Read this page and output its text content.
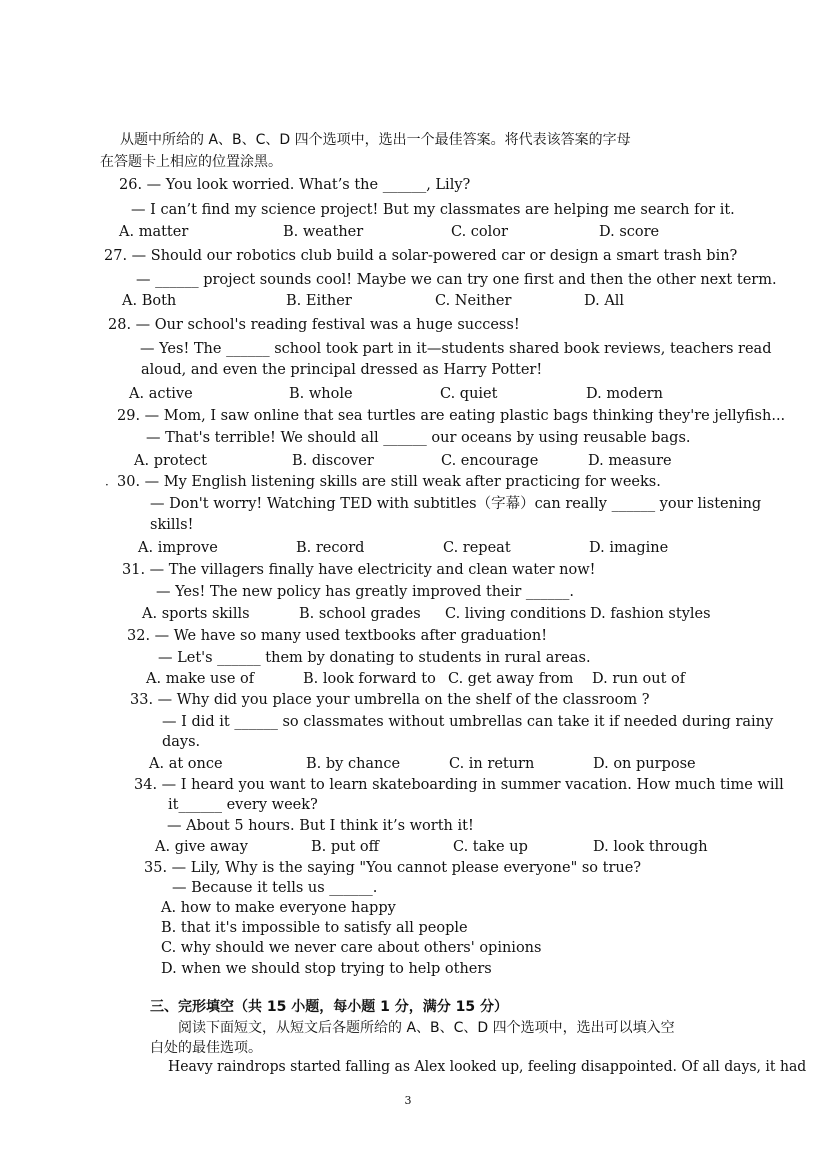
从题中所给的 A、B、C、D 四个选项中，选出一个最佳答案。将代表该答案的字母
在答题卡上相应的位置涂黑。
26. — You look worried. What’s the ______, Lily?
— I can’t find my science project! But my classmates are helping me search for it.
A. matter	B. weather	C. color	D. score
27. — Should our robotics club build a solar-powered car or design a smart trash bin?
— ______ project sounds cool! Maybe we can try one first and then the other next term.
A. Both	B. Either	C. Neither	D. All
28. — Our school's reading festival was a huge success!
— Yes! The ______ school took part in it—students shared book reviews, teachers read
aloud, and even the principal dressed as Harry Potter!
A. active	B. whole	C. quiet	D. modern
29. — Mom, I saw online that sea turtles are eating plastic bags thinking they're jellyfish...
— That's terrible! We should all ______ our oceans by using reusable bags.
A. protect	B. discover	C. encourage	D. measure
· 30. — My English listening skills are still weak after practicing for weeks.
— Don't worry! Watching TED with subtitles（字幕）can really ______ your listening
skills!
A. improve	B. record	C. repeat	D. imagine
31. — The villagers finally have electricity and clean water now!
— Yes! The new policy has greatly improved their ______.
A. sports skills	B. school grades C. living conditions D. fashion styles
32. — We have so many used textbooks after graduation!
— Let's ______ them by donating to students in rural areas.
A. make use of	B. look forward to C. get away from D. run out of
33. — Why did you place your umbrella on the shelf of the classroom ?
— I did it ______ so classmates without umbrellas can take it if needed during rainy
days.
A. at once	B. by chance	C. in return	D. on purpose
34. — I heard you want to learn skateboarding in summer vacation. How much time will
it______ every week?
— About 5 hours. But I think it’s worth it!
A. give away	B. put off	C. take up	D. look through
35. — Lily, Why is the saying "You cannot please everyone" so true?
— Because it tells us ______.
A. how to make everyone happy
B. that it's impossible to satisfy all people
C. why should we never care about others' opinions
D. when we should stop trying to help others
三、完形填空（共 15 小题，每小题 1 分，满分 15 分）
阅读下面短文，从短文后各题所给的 A、B、C、D 四个选项中，选出可以填入空
白处的最佳选项。
Heavy raindrops started falling as Alex looked up, feeling disappointed. Of all days, it had
3
